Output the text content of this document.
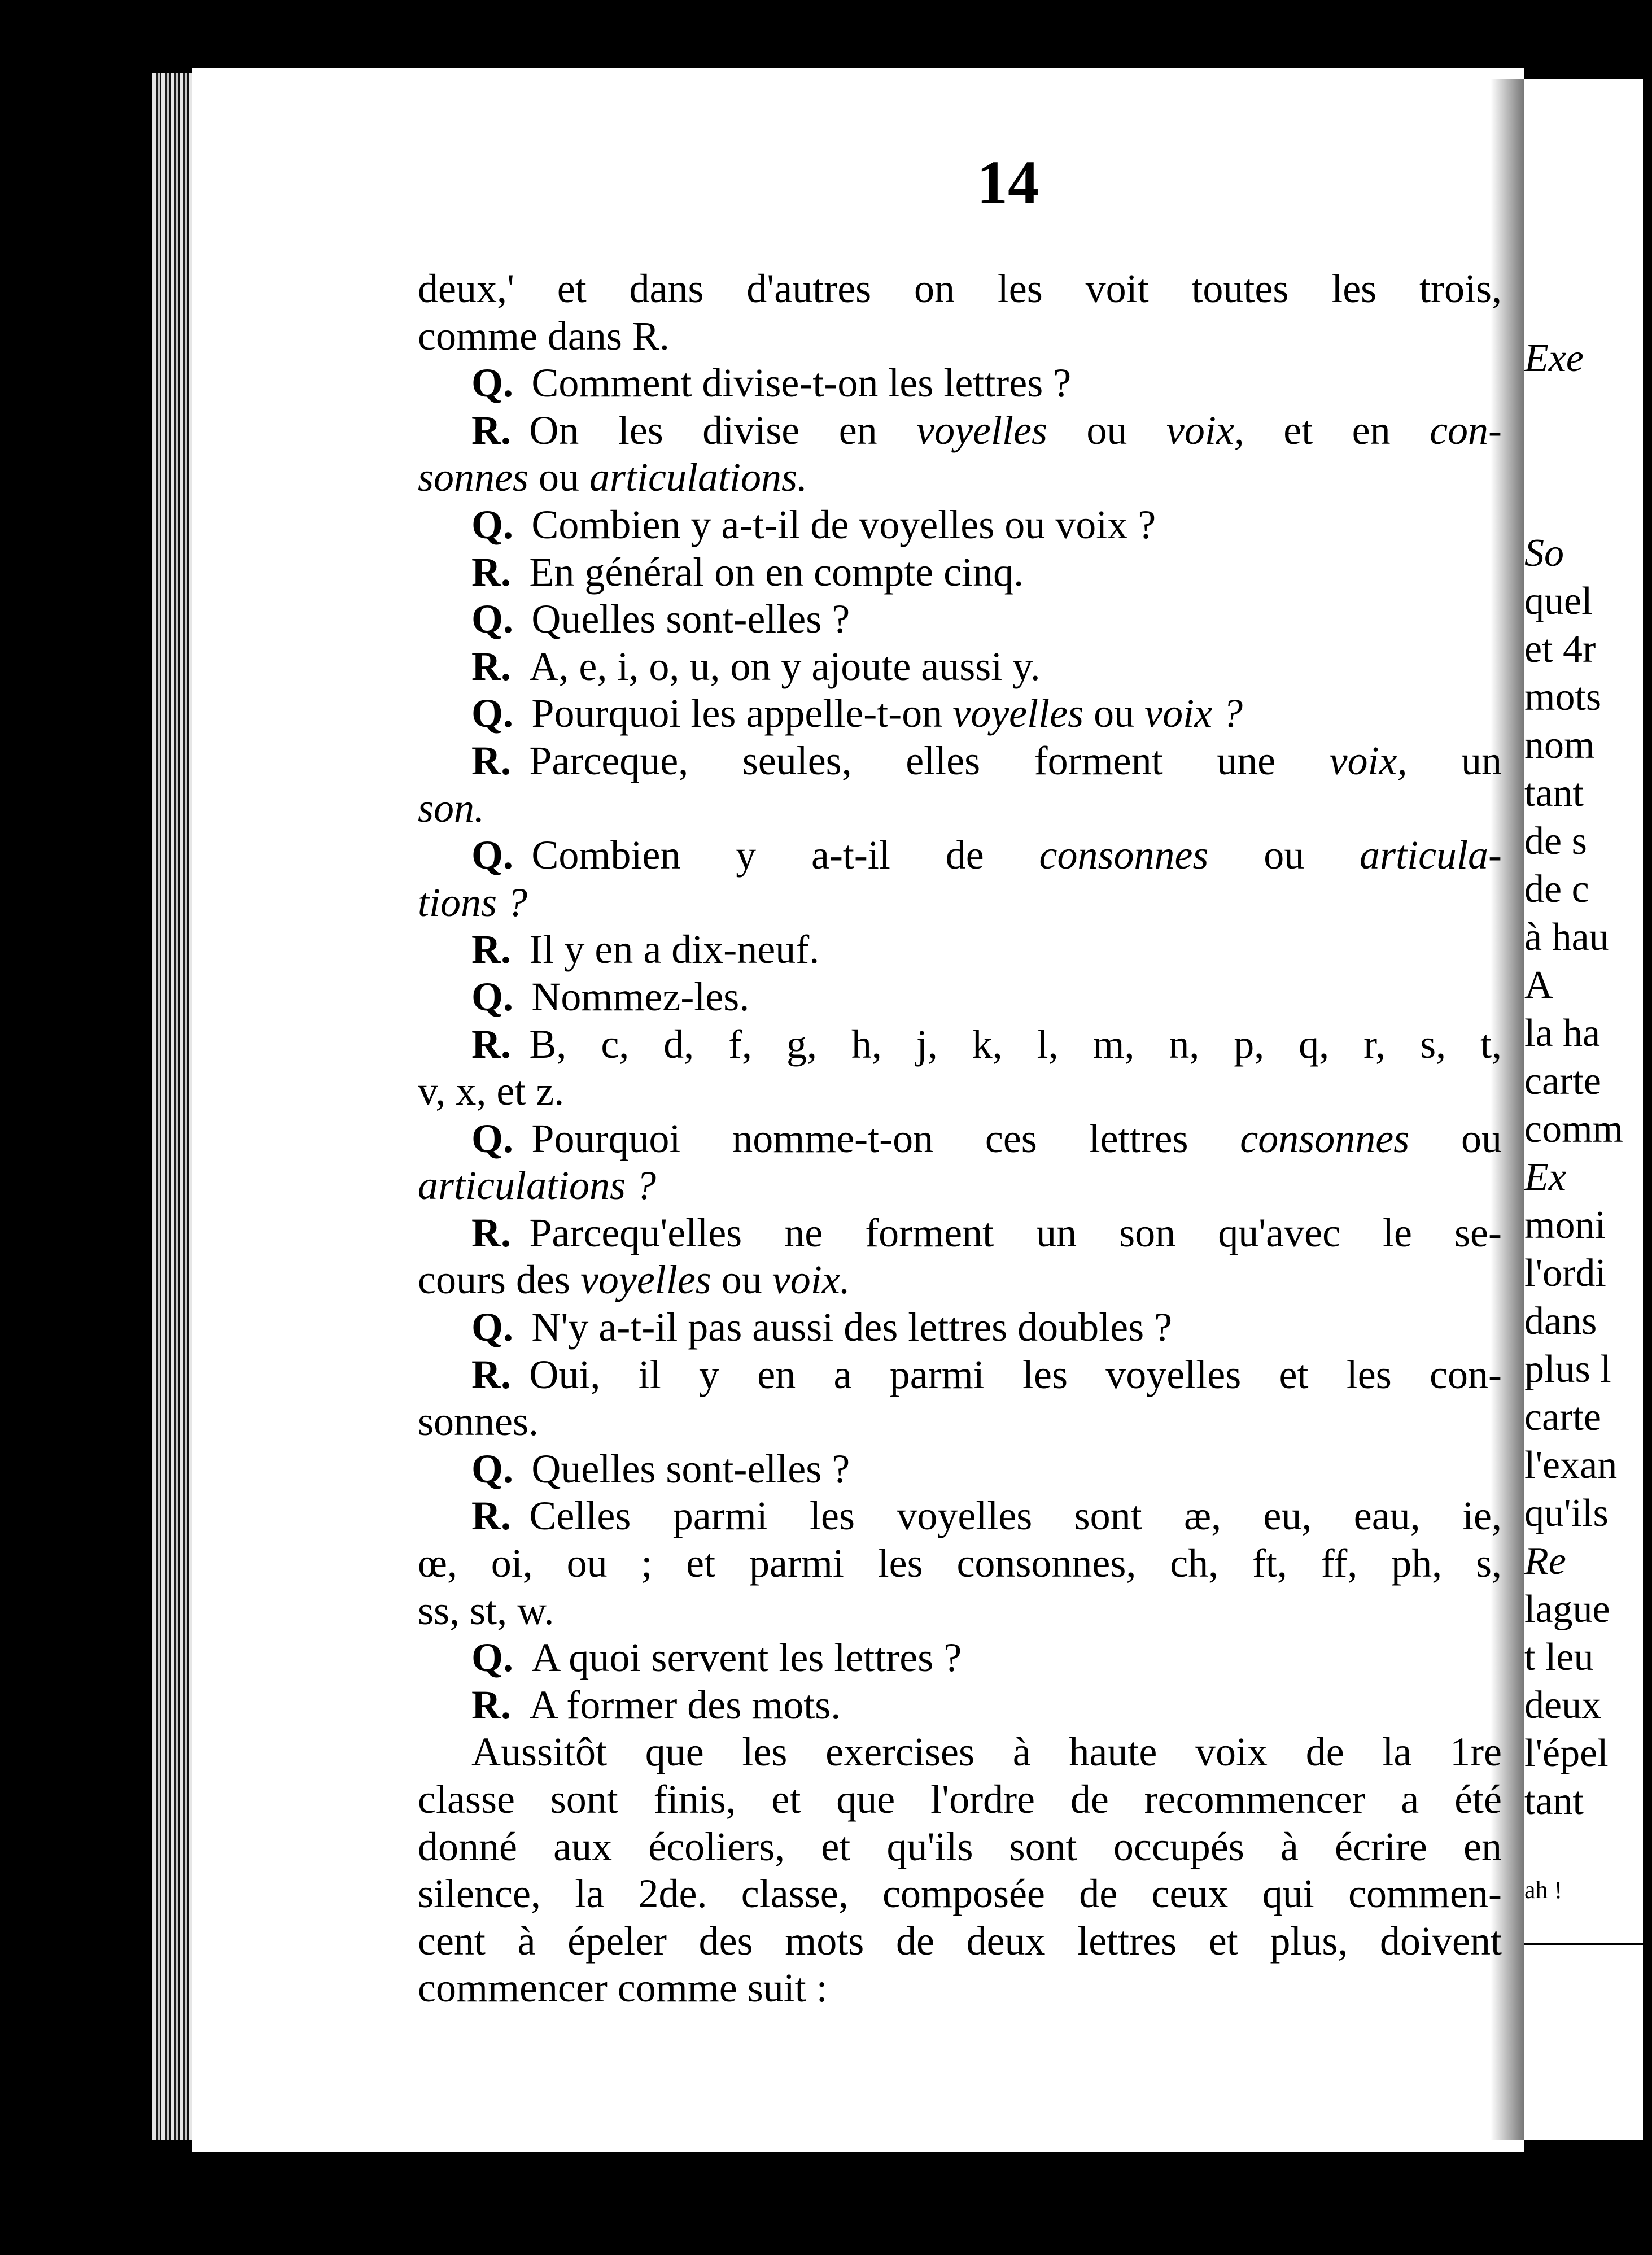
Exe
So
quel
et 4r
mots
nom
tant
de s
de c
à hau
A
la ha
carte
comm
Ex
moni
l'ordi
dans
plus l
carte
l'exan
qu'ils
Re
lague
t leu
deux
l'épel
tant
ah !
14
deux,' et dans d'autres on les voit toutes les trois,
comme dans R.
Q. Comment divise-t-on les lettres ?
R. On les divise en voyelles ou voix, et en con-
sonnes ou articulations.
Q. Combien y a-t-il de voyelles ou voix ?
R. En général on en compte cinq.
Q. Quelles sont-elles ?
R. A, e, i, o, u, on y ajoute aussi y.
Q. Pourquoi les appelle-t-on voyelles ou voix ?
R. Parceque, seules, elles forment une voix, un
son.
Q. Combien y a-t-il de consonnes ou articula-
tions ?
R. Il y en a dix-neuf.
Q. Nommez-les.
R. B, c, d, f, g, h, j, k, l, m, n, p, q, r, s, t,
v, x, et z.
Q. Pourquoi nomme-t-on ces lettres consonnes ou
articulations ?
R. Parcequ'elles ne forment un son qu'avec le se-
cours des voyelles ou voix.
Q. N'y a-t-il pas aussi des lettres doubles ?
R. Oui, il y en a parmi les voyelles et les con-
sonnes.
Q. Quelles sont-elles ?
R. Celles parmi les voyelles sont æ, eu, eau, ie,
œ, oi, ou ; et parmi les consonnes, ch, ft, ff, ph, s,
ss, st, w.
Q. A quoi servent les lettres ?
R. A former des mots.
Aussitôt que les exercises à haute voix de la 1re
classe sont finis, et que l'ordre de recommencer a été
donné aux écoliers, et qu'ils sont occupés à écrire en
silence, la 2de. classe, composée de ceux qui commen-
cent à épeler des mots de deux lettres et plus, doivent
commencer comme suit :
